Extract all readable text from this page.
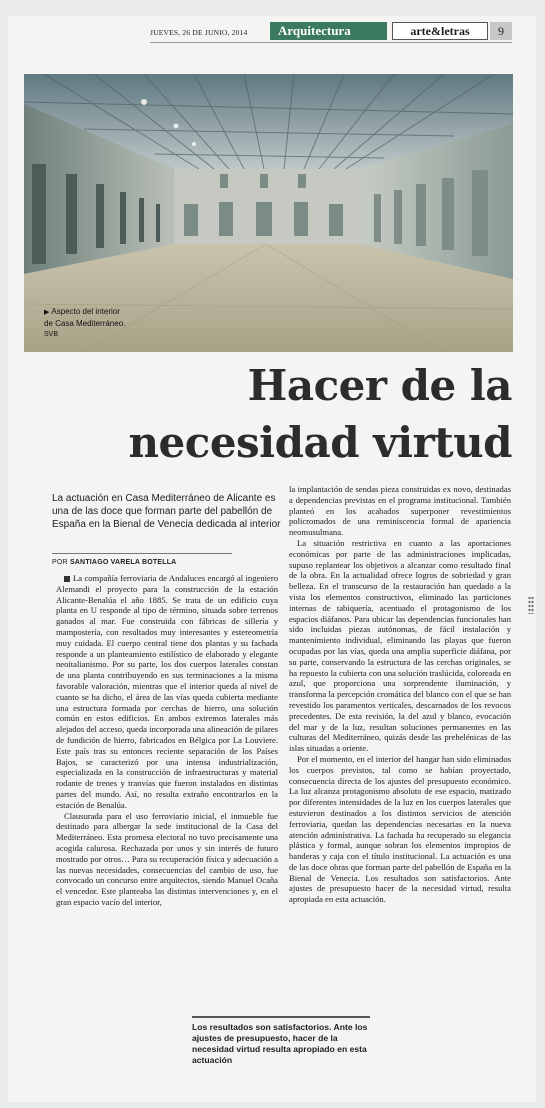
JUEVES, 26 DE JUNIO, 2014	Arquitectura	arte&letras	9
▶ Aspecto del interior
de Casa Mediterráneo.
SVB
Hacer de la
necesidad virtud
La actuación en Casa Mediterráneo de Alicante es una de las doce que forman parte del pabellón de España en la Bienal de Venecia dedicada al interior
POR SANTIAGO VARELA BOTELLA

La compañía ferroviaria de Andaluces encargó al ingeniero Alemandi el proyecto para la construcción de la estación Alicante-Benalúa el año 1885. Se trata de un edificio cuya planta en U responde al tipo de término, situada sobre terrenos ganados al mar. Fue construida con fábricas de sillería y mampostería, con resultados muy interesantes y estereometría muy cuidada. El cuerpo central tiene dos plantas y su fachada responde a un planteamiento estilístico de elaborado y elegante neoitalianismo. Por su parte, los dos cuerpos laterales constan de una planta contribuyendo en sus terminaciones a la misma favorable valoración, mientras que el interior queda al nivel de cuanto se ha dicho, el área de las vías queda cubierta mediante una estructura formada por cerchas de hierro, una solución común en estos edificios. En ambos extremos laterales más alejados del acceso, queda incorporada una alineación de pilares de fundición de hierro, fabricados en Bélgica por La Louviere. Este país tras su entonces reciente separación de los Países Bajos, se caracterizó por una intensa industrialización, especializada en la construcción de infraestructuras y material rodante de trenes y tranvías que fueron instalados en distintas partes del mundo. Así, no resulta extraño encontrarlos en la estación de Benalúa.

Clausurada para el uso ferroviario inicial, el inmueble fue destinado para albergar la sede institucional de la Casa del Mediterráneo. Esta promesa electoral no tuvo precisamente una acogida calurosa. Rechazada por unos y sin interés de futuro mostrado por otros… Para su recuperación física y adecuación a las nuevas necesidades, consecuencias del cambio de uso, fue convocado un concurso entre arquitectos, siendo Manuel Ocaña el vencedor. Este planteaba las distintas intervenciones y, en el gran espacio vacío del interior,

la implantación de sendas pieza construidas ex novo, destinadas a dependencias previstas en el programa institucional. También planteó en los acabados superponer revestimientos policromados de una reminiscencia formal de apariencia neomusulmana.

La situación restrictiva en cuanto a las aportaciones económicas por parte de las administraciones implicadas, supuso replantear los objetivos a alcanzar como resultado final de la obra. En la actualidad ofrece logros de sobriedad y gran belleza. En el transcurso de la restauración han quedado a la vista los elementos constructivos, eliminado las particiones internas de tabiquería, acentuado el protagonismo de los espacios diáfanos. Para ubicar las dependencias funcionales han sido incluidas piezas autónomas, de fácil instalación y mantenimiento individual, eliminando las playas que fueron ocupadas por las vías, queda una amplia superficie diáfana, por su parte, conservando la estructura de las cerchas originales, se ha repuesto la cubierta con una solución traslúcida, coloreada en azul, que proporciona una sorprendente iluminación, y transforma la percepción cromática del blanco con el que se han revestido los paramentos verticales, descarnados de los revocos precedentes. De esta revisión, la del azul y blanco, evocación del mar y de la luz, resultan soluciones permanentes en las culturas del Mediterráneo, quizás desde las prehelénicas de las islas situadas a oriente.

Por el momento, en el interior del hangar han sido eliminados los cuerpos previstos, tal como se habían proyectado, consecuencia directa de los ajustes del presupuesto económico. La luz alcanza protagonismo absoluto de ese espacio, matizado por diferentes intensidades de la luz en los cuerpos laterales que estuvieron destinados a los distintos servicios de atención ferroviaria, quedan las dependencias necesarias en la nueva atención administrativa. La fachada ha recuperado su elegancia plástica y formal, aunque sobran los elementos impropios de banderas y caja con el título institucional. La actuación es una de las doce obras que forman parte del pabellón de España en la Bienal de Venecia. Los resultados son satisfactorios. Ante ajustes de presupuesto hacer de la necesidad virtud, resulta apropiada en esta actuación.

Los resultados son satisfactorios. Ante los ajustes de presupuesto, hacer de la necesidad virtud resulta apropiado en esta actuación
